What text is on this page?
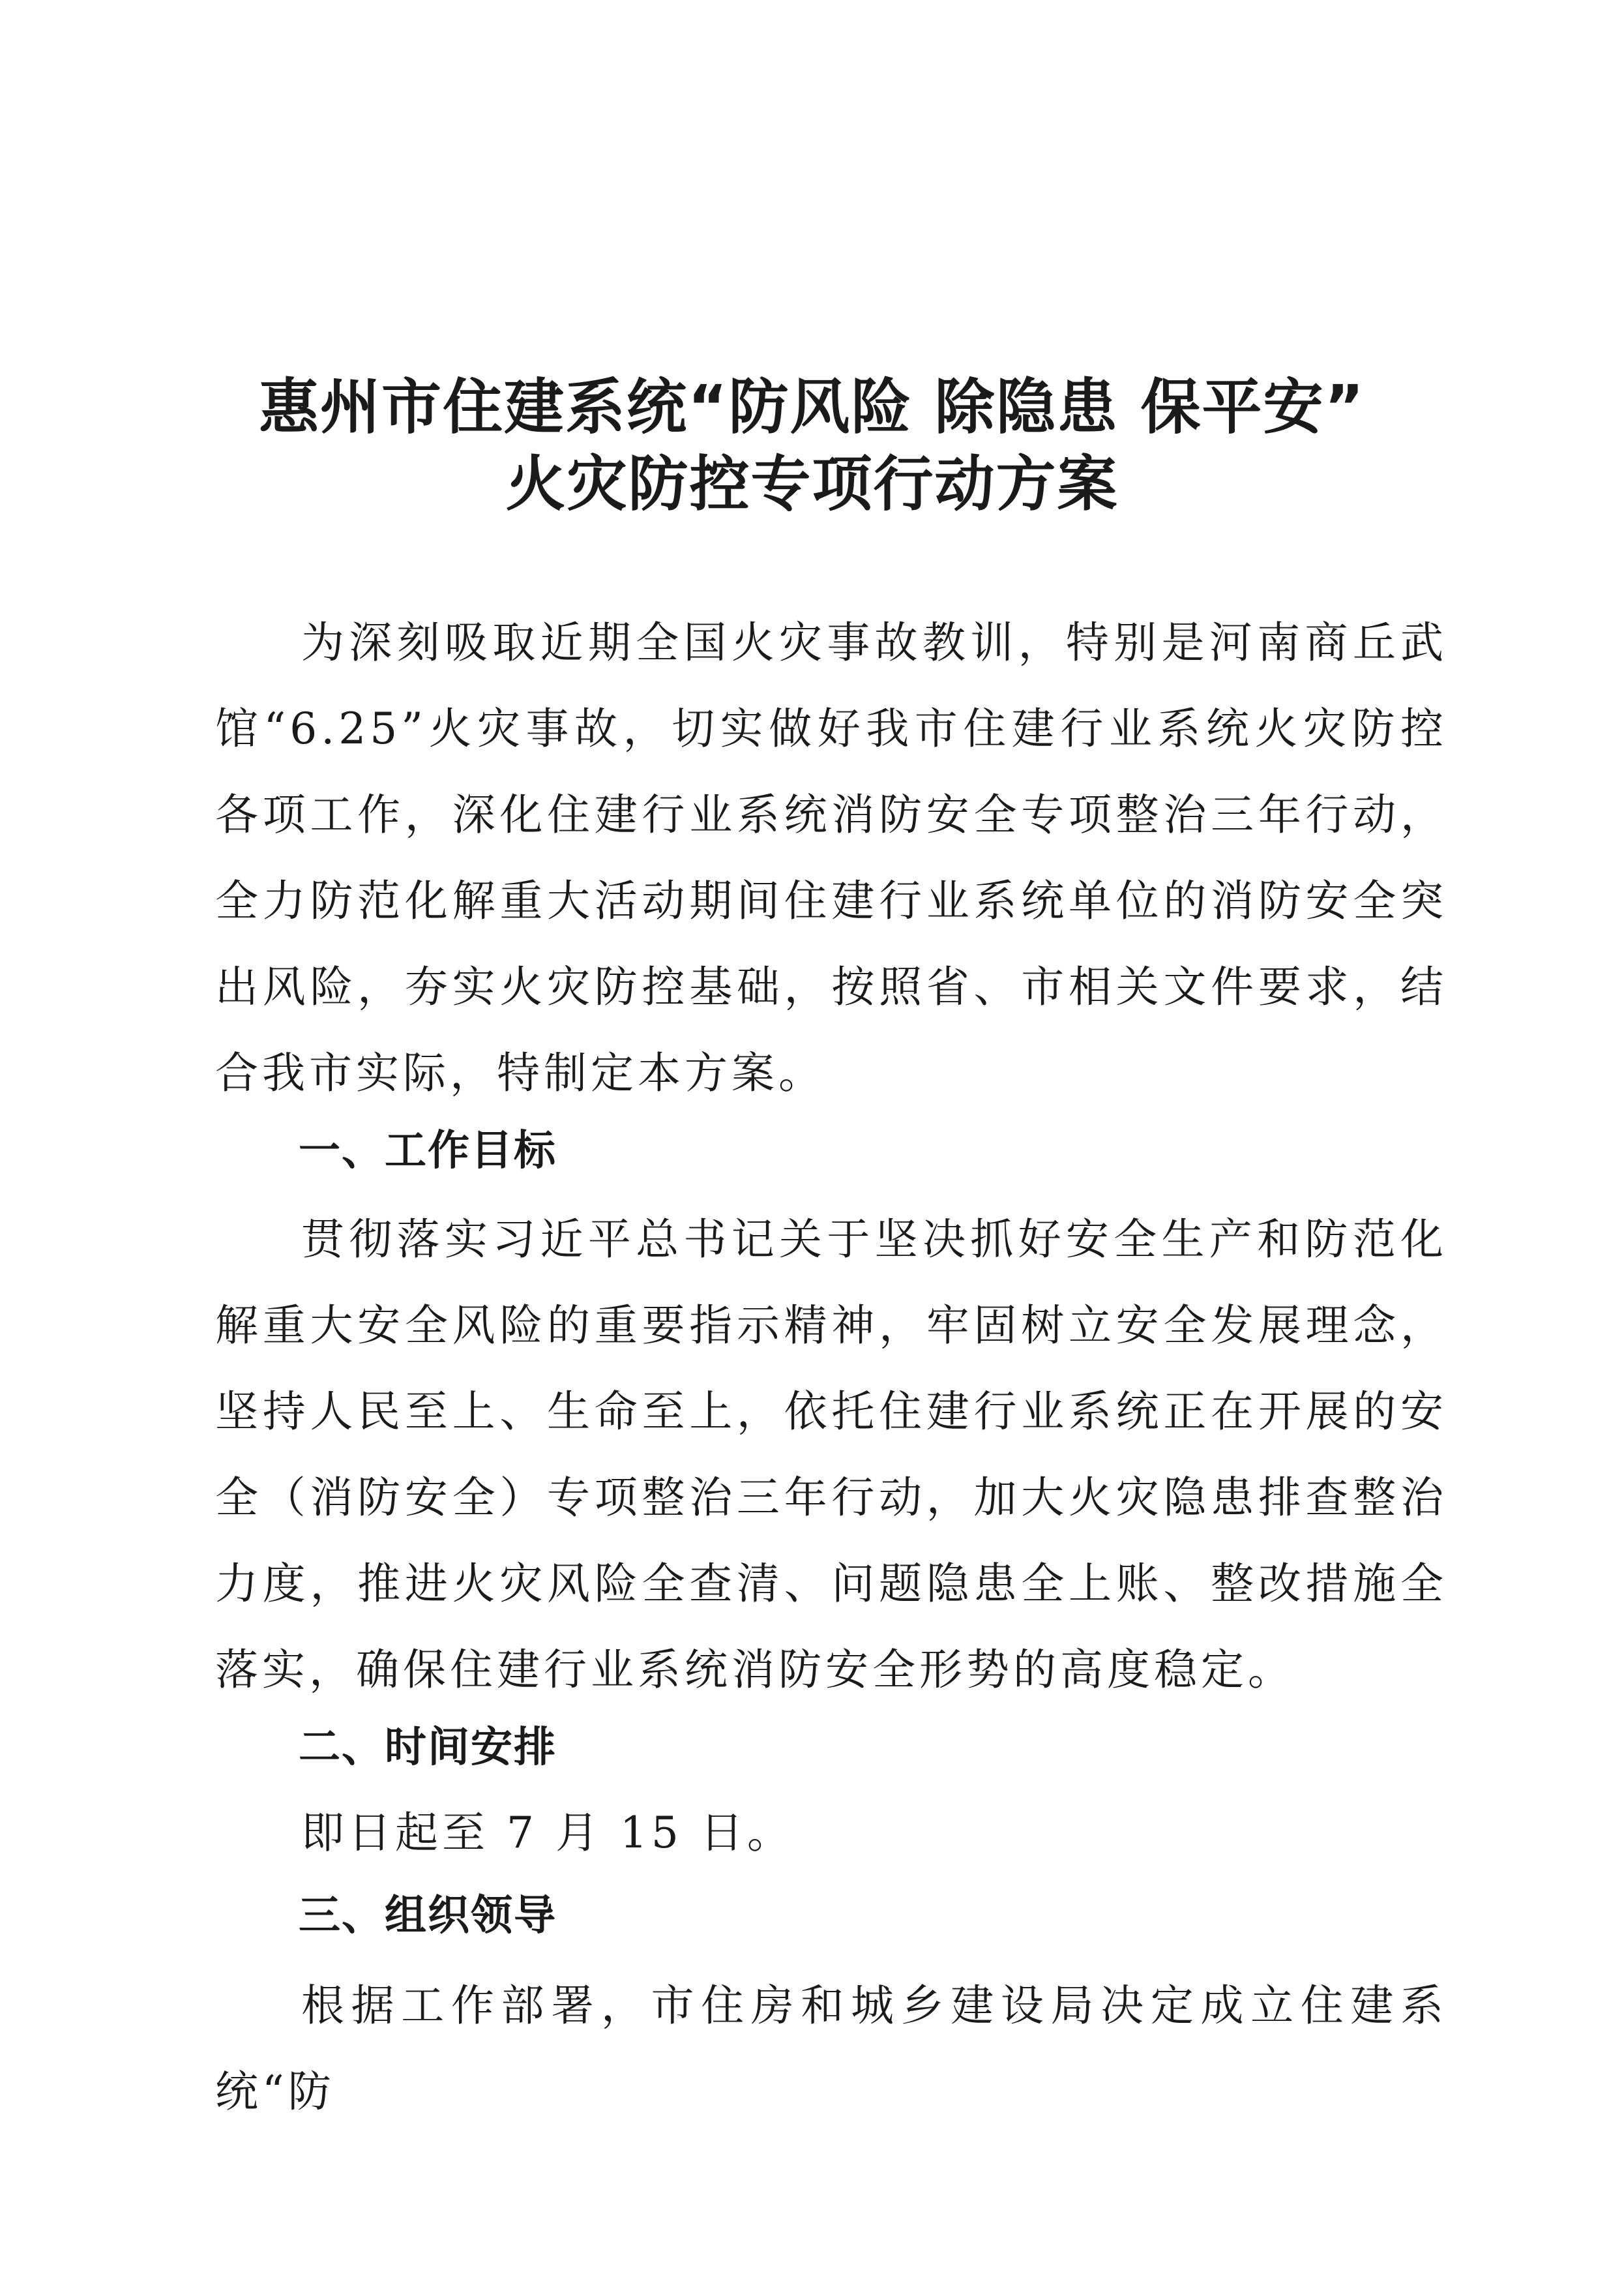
惠州市住建系统“防风险 除隐患 保平安”
火灾防控专项行动方案

为深刻吸取近期全国火灾事故教训，特别是河南商丘武馆“6.25”火灾事故，切实做好我市住建行业系统火灾防控各项工作，深化住建行业系统消防安全专项整治三年行动，全力防范化解重大活动期间住建行业系统单位的消防安全突出风险，夯实火灾防控基础，按照省、市相关文件要求，结合我市实际，特制定本方案。

一、工作目标

贯彻落实习近平总书记关于坚决抓好安全生产和防范化解重大安全风险的重要指示精神，牢固树立安全发展理念，坚持人民至上、生命至上，依托住建行业系统正在开展的安全（消防安全）专项整治三年行动，加大火灾隐患排查整治力度，推进火灾风险全查清、问题隐患全上账、整改措施全落实，确保住建行业系统消防安全形势的高度稳定。

二、时间安排

即日起至 7 月 15 日。

三、组织领导

根据工作部署，市住房和城乡建设局决定成立住建系统“防
